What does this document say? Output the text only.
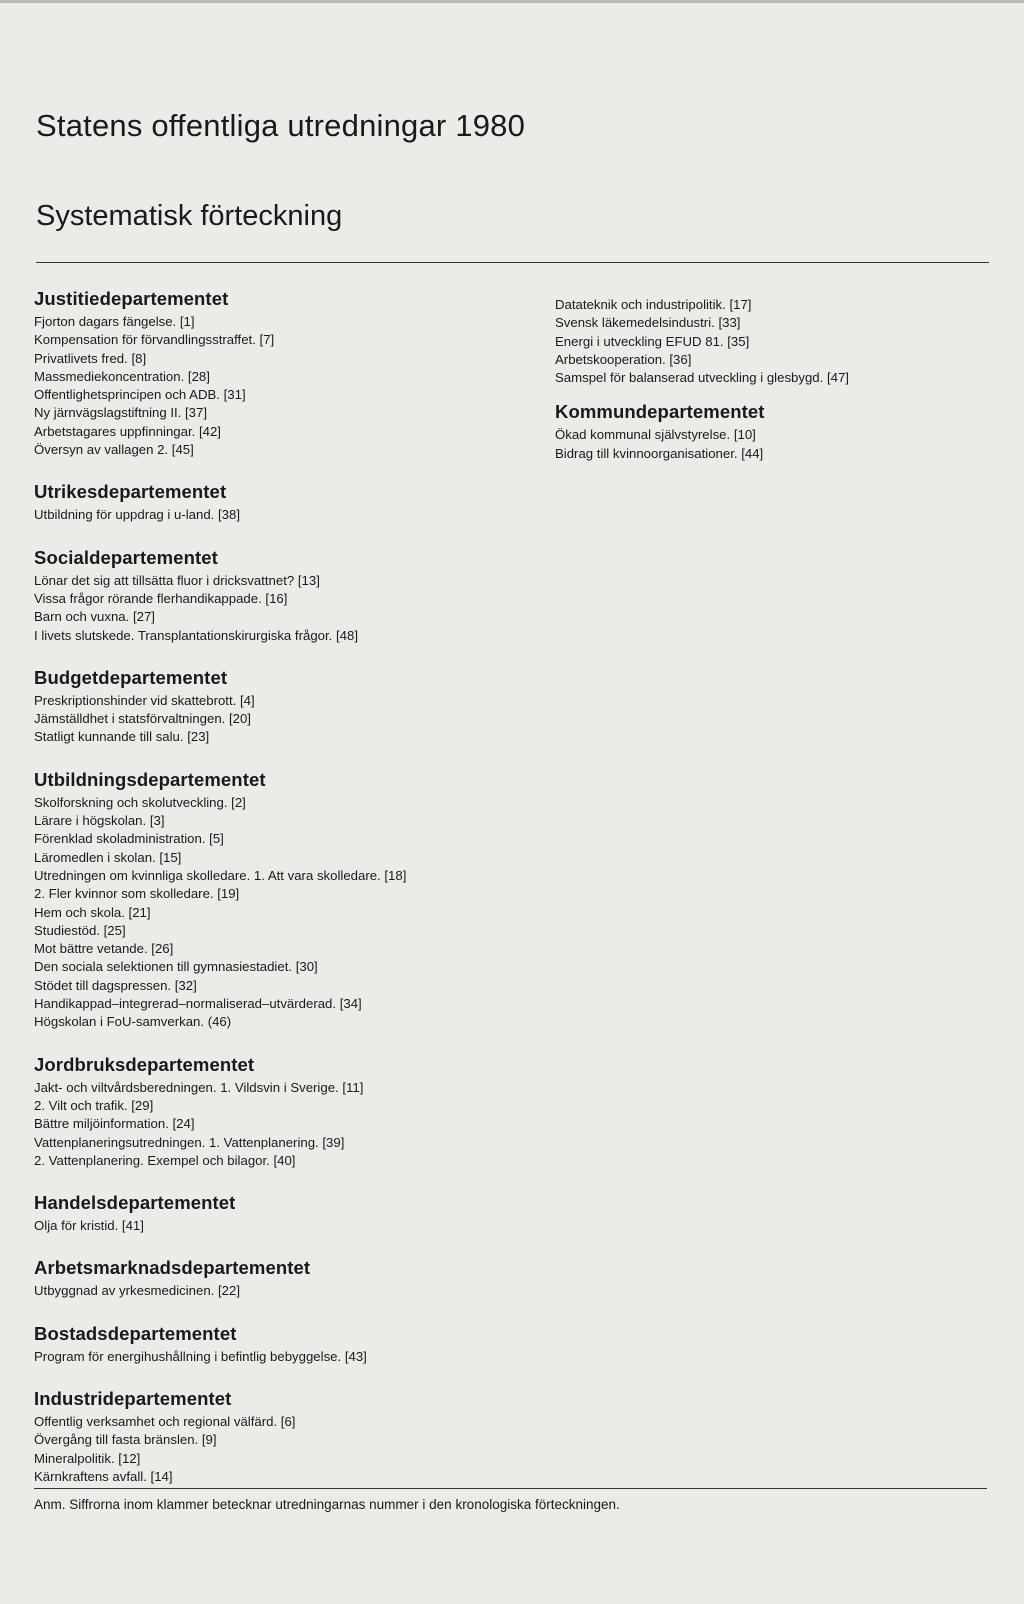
Statens offentliga utredningar 1980
Systematisk förteckning
Justitiedepartementet
Fjorton dagars fängelse. [1]
Kompensation för förvandlingsstraffet. [7]
Privatlivets fred. [8]
Massmediekoncentration. [28]
Offentlighetsprincipen och ADB. [31]
Ny järnvägslagstiftning II. [37]
Arbetstagares uppfinningar. [42]
Översyn av vallagen 2. [45]
Utrikesdepartementet
Utbildning för uppdrag i u-land. [38]
Socialdepartementet
Lönar det sig att tillsätta fluor i dricksvattnet? [13]
Vissa frågor rörande flerhandikappade. [16]
Barn och vuxna. [27]
I livets slutskede. Transplantationskirurgiska frågor. [48]
Budgetdepartementet
Preskriptionshinder vid skattebrott. [4]
Jämställdhet i statsförvaltningen. [20]
Statligt kunnande till salu. [23]
Utbildningsdepartementet
Skolforskning och skolutveckling. [2]
Lärare i högskolan. [3]
Förenklad skoladministration. [5]
Läromedlen i skolan. [15]
Utredningen om kvinnliga skolledare. 1. Att vara skolledare. [18]
2. Fler kvinnor som skolledare. [19]
Hem och skola. [21]
Studiestöd. [25]
Mot bättre vetande. [26]
Den sociala selektionen till gymnasiestadiet. [30]
Stödet till dagspressen. [32]
Handikappad–integrerad–normaliserad–utvärderad. [34]
Högskolan i FoU-samverkan. (46)
Jordbruksdepartementet
Jakt- och viltvårdsberedningen. 1. Vildsvin i Sverige. [11]
2. Vilt och trafik. [29]
Bättre miljöinformation. [24]
Vattenplaneringsutredningen. 1. Vattenplanering. [39]
2. Vattenplanering. Exempel och bilagor. [40]
Handelsdepartementet
Olja för kristid. [41]
Arbetsmarknadsdepartementet
Utbyggnad av yrkesmedicinen. [22]
Bostadsdepartementet
Program för energihushållning i befintlig bebyggelse. [43]
Industridepartementet
Offentlig verksamhet och regional välfärd. [6]
Övergång till fasta bränslen. [9]
Mineralpolitik. [12]
Kärnkraftens avfall. [14]
Datateknik och industripolitik. [17]
Svensk läkemedelsindustri. [33]
Energi i utveckling EFUD 81. [35]
Arbetskooperation. [36]
Samspel för balanserad utveckling i glesbygd. [47]
Kommundepartementet
Ökad kommunal självstyrelse. [10]
Bidrag till kvinnoorganisationer. [44]

Anm. Siffrorna inom klammer betecknar utredningarnas nummer i den kronologiska förteckningen.
